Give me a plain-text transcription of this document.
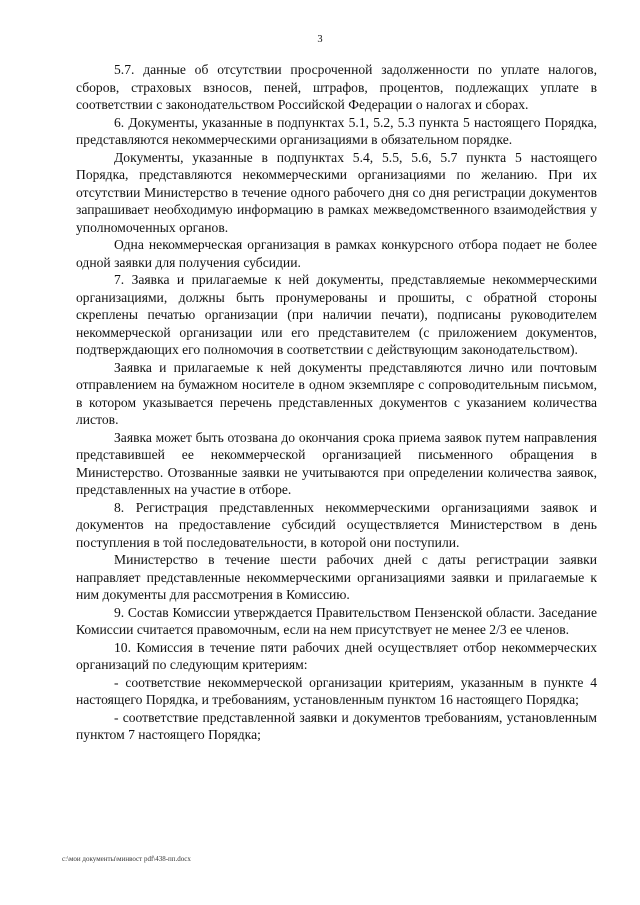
3

5.7. данные об отсутствии просроченной задолженности по уплате налогов, сборов, страховых взносов, пеней, штрафов, процентов, подлежащих уплате в соответствии с законодательством Российской Федерации о налогах и сборах.

6. Документы, указанные в подпунктах 5.1, 5.2, 5.3 пункта 5 настоящего Порядка, представляются некоммерческими организациями в обязательном порядке.

Документы, указанные в подпунктах 5.4, 5.5, 5.6, 5.7 пункта 5 настоящего Порядка, представляются некоммерческими организациями по желанию. При их отсутствии Министерство в течение одного рабочего дня со дня регистрации документов запрашивает необходимую информацию в рамках межведомственного взаимодействия у уполномоченных органов.

Одна некоммерческая организация в рамках конкурсного отбора подает не более одной заявки для получения субсидии.

7. Заявка и прилагаемые к ней документы, представляемые некоммерческими организациями, должны быть пронумерованы и прошиты, с обратной стороны скреплены печатью организации (при наличии печати), подписаны руководителем некоммерческой организации или его представителем (с приложением документов, подтверждающих его полномочия в соответствии с действующим законодательством).

Заявка и прилагаемые к ней документы представляются лично или почтовым отправлением на бумажном носителе в одном экземпляре с сопроводительным письмом, в котором указывается перечень представленных документов с указанием количества листов.

Заявка может быть отозвана до окончания срока приема заявок путем направления представившей ее некоммерческой организацией письменного обращения в Министерство. Отозванные заявки не учитываются при определении количества заявок, представленных на участие в отборе.

8. Регистрация представленных некоммерческими организациями заявок и документов на предоставление субсидий осуществляется Министерством в день поступления в той последовательности, в которой они поступили.

Министерство в течение шести рабочих дней с даты регистрации заявки направляет представленные некоммерческими организациями заявки и прилагаемые к ним документы для рассмотрения в Комиссию.

9. Состав Комиссии утверждается Правительством Пензенской области. Заседание Комиссии считается правомочным, если на нем присутствует не менее 2/3 ее членов.

10. Комиссия в течение пяти рабочих дней осуществляет отбор некоммерческих организаций по следующим критериям:

- соответствие некоммерческой организации критериям, указанным в пункте 4 настоящего Порядка, и требованиям, установленным пунктом 16 настоящего Порядка;

- соответствие представленной заявки и документов требованиям, установленным пунктом 7 настоящего Порядка;

c:\мои документы\минвост pdf\438-пп.docx
